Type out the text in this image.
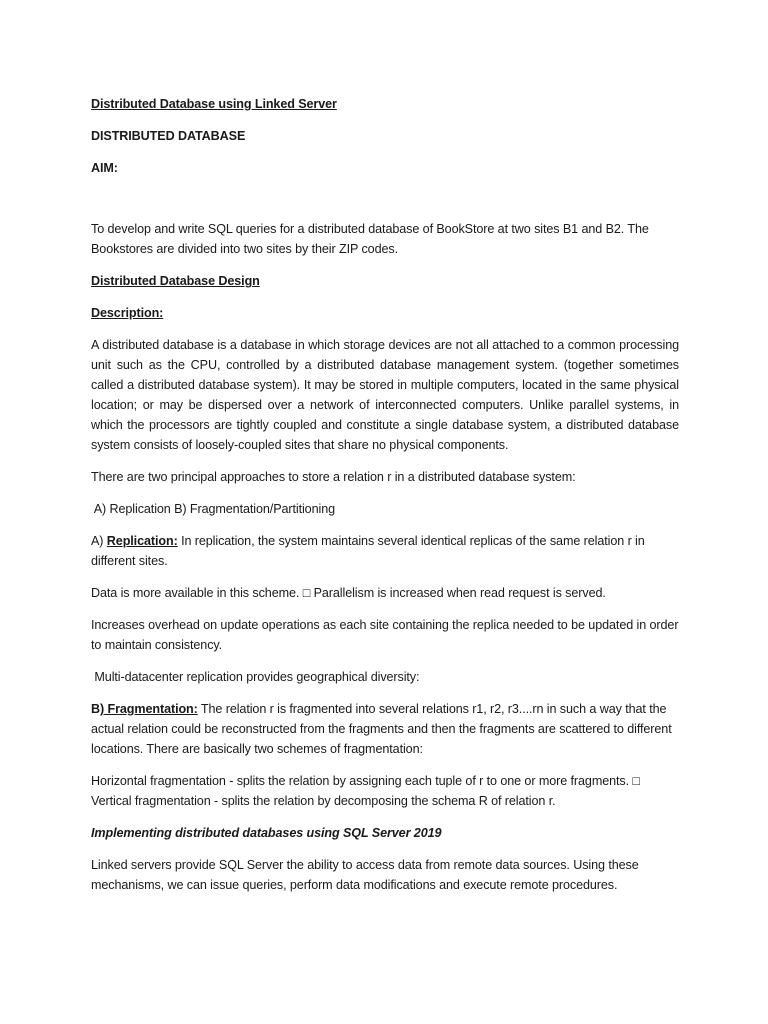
Distributed Database using Linked Server

DISTRIBUTED DATABASE

AIM:

To develop and write SQL queries for a distributed database of BookStore at two sites B1 and B2. The Bookstores are divided into two sites by their ZIP codes.

Distributed Database Design

Description:

A distributed database is a database in which storage devices are not all attached to a common processing unit such as the CPU, controlled by a distributed database management system. (together sometimes called a distributed database system). It may be stored in multiple computers, located in the same physical location; or may be dispersed over a network of interconnected computers. Unlike parallel systems, in which the processors are tightly coupled and constitute a single database system, a distributed database system consists of loosely-coupled sites that share no physical components.

There are two principal approaches to store a relation r in a distributed database system:

A) Replication B) Fragmentation/Partitioning

A) Replication: In replication, the system maintains several identical replicas of the same relation r in different sites.

Data is more available in this scheme. □ Parallelism is increased when read request is served.

Increases overhead on update operations as each site containing the replica needed to be updated in order to maintain consistency.

Multi-datacenter replication provides geographical diversity:

B) Fragmentation: The relation r is fragmented into several relations r1, r2, r3....rn in such a way that the actual relation could be reconstructed from the fragments and then the fragments are scattered to different locations. There are basically two schemes of fragmentation:

Horizontal fragmentation - splits the relation by assigning each tuple of r to one or more fragments. □
Vertical fragmentation - splits the relation by decomposing the schema R of relation r.

Implementing distributed databases using SQL Server 2019

Linked servers provide SQL Server the ability to access data from remote data sources. Using these mechanisms, we can issue queries, perform data modifications and execute remote procedures.
